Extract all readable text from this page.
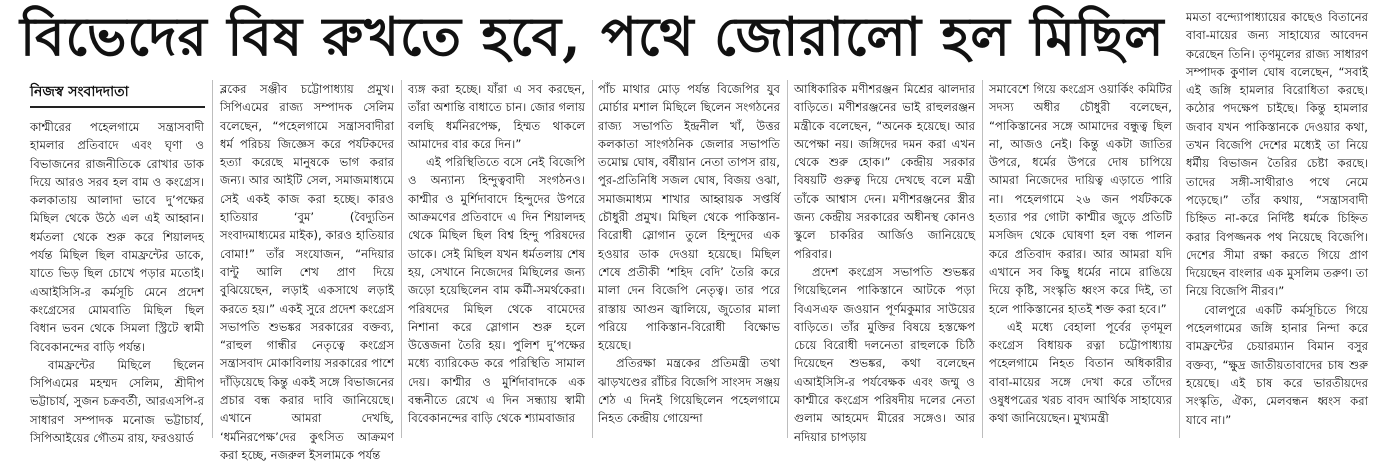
বিভেদের বিষ রুখতে হবে, পথে জোরালো হল মিছিল
নিজস্ব সংবাদদাতা

কাশ্মীরের পহেলগামে সন্ত্রাসবাদী হামলার প্রতিবাদে এবং ঘৃণা ও বিভাজনের রাজনীতিকে রোখার ডাক দিয়ে আরও সরব হল বাম ও কংগ্রেস। কলকাতায় আলাদা ভাবে দু’পক্ষের মিছিল থেকে উঠে এল এই আহ্বান। ধর্মতলা থেকে শুরু করে শিয়ালদহ পর্যন্ত মিছিল ছিল বামফ্রন্টের ডাকে, যাতে ভিড় ছিল চোখে পড়ার মতোই। এআইসিসি-র কর্মসূচি মেনে প্রদেশ কংগ্রেসের মোমবাতি মিছিল ছিল বিধান ভবন থেকে সিমলা স্ট্রিটে স্বামী বিবেকানন্দের বাড়ি পর্যন্ত।

বামফ্রন্টের মিছিলে ছিলেন সিপিএমের মহম্মদ সেলিম, শ্রীদীপ ভট্টাচার্য, সুজন চক্রবর্তী, আরএসপি-র সাধারণ সম্পাদক মনোজ ভট্টাচার্য, সিপিআইয়ের গৌতম রায়, ফরওয়ার্ড

ব্লকের সঞ্জীব চট্টোপাধ্যায় প্রমুখ। সিপিএমের রাজ্য সম্পাদক সেলিম বলেছেন, “পহেলগামে সন্ত্রাসবাদীরা ধর্ম পরিচয় জিজ্ঞেস করে পর্যটকদের হত্যা করেছে মানুষকে ভাগ করার জন্য। আর আইটি সেল, সমাজমাধ্যমে সেই একই কাজ করা হচ্ছে। কারও হাতিয়ার ‘বুম’ (বৈদ্যুতিন সংবাদমাধ্যমের মাইক), কারও হাতিয়ার বোমা!” তাঁর সংযোজন, “নদিয়ার বান্টু আলি শেখ প্রাণ দিয়ে বুঝিয়েছেন, লড়াই একসাথে লড়াই করতে হয়।” একই সুরে প্রদেশ কংগ্রেস সভাপতি শুভঙ্কর সরকারের বক্তব্য, “রাহুল গান্ধীর নেতৃত্বে কংগ্রেস সন্ত্রাসবাদ মোকাবিলায় সরকারের পাশে দাঁড়িয়েছে কিন্তু একই সঙ্গে বিভাজনের প্রচার বন্ধ করার দাবি জানিয়েছে। এখানে আমরা দেখছি, ‘ধর্মনিরপেক্ষ’দের কুৎসিত আক্রমণ করা হচ্ছে, নজরুল ইসলামকে পর্যন্ত

ব্যঙ্গ করা হচ্ছে। যাঁরা এ সব করছেন, তাঁরা অশান্তি বাধাতে চান। জোর গলায় বলছি ধর্মনিরপেক্ষ, হিম্মত থাকলে আমাদের বার করে দিন।”

এই পরিস্থিতিতে বসে নেই বিজেপি ও অন্যান্য হিন্দুত্ববাদী সংগঠনও। কাশ্মীর ও মুর্শিদাবাদে হিন্দুদের উপরে আক্রমণের প্রতিবাদে এ দিন শিয়ালদহ থেকে মিছিল ছিল বিশ্ব হিন্দু পরিষদের ডাকে। সেই মিছিল যখন ধর্মতলায় শেষ হয়, সেখানে নিজেদের মিছিলের জন্য জড়ো হয়েছিলেন বাম কর্মী-সমর্থকেরা। পরিষদের মিছিল থেকে বামেদের নিশানা করে স্লোগান শুরু হলে উত্তেজনা তৈরি হয়। পুলিশ দু’পক্ষের মধ্যে ব্যারিকেড করে পরিস্থিতি সামাল দেয়। কাশ্মীর ও মুর্শিদাবাদকে এক বন্ধনীতে রেখে এ দিন সন্ধ্যায় স্বামী বিবেকানন্দের বাড়ি থেকে শ্যামবাজার

পাঁচ মাথার মোড় পর্যন্ত বিজেপির যুব মোর্চার মশাল মিছিলে ছিলেন সংগঠনের রাজ্য সভাপতি ইন্দ্রনীল খাঁ, উত্তর কলকাতা সাংগঠনিক জেলার সভাপতি তমোঘ্ন ঘোষ, বর্ষীয়ান নেতা তাপস রায়, পুর-প্রতিনিধি সজল ঘোষ, বিজয় ওঝা, সমাজমাধ্যম শাখার আহ্বায়ক সপ্তর্ষি চৌধুরী প্রমুখ। মিছিল থেকে পাকিস্তান-বিরোধী স্লোগান তুলে হিন্দুদের এক হওয়ার ডাক দেওয়া হয়েছে। মিছিল শেষে প্রতীকী ‘শহিদ বেদি’ তৈরি করে মালা দেন বিজেপি নেতৃত্ব। তার পরে রাস্তায় আগুন জ্বালিয়ে, জুতোর মালা পরিয়ে পাকিস্তান-বিরোধী বিক্ষোভ হয়েছে।

প্রতিরক্ষা মন্ত্রকের প্রতিমন্ত্রী তথা ঝাড়খণ্ডের রাঁচির বিজেপি সাংসদ সঞ্জয় শেঠ এ দিনই গিয়েছিলেন পহেলগামে নিহত কেন্দ্রীয় গোয়েন্দা

আধিকারিক মণীশরঞ্জন মিশ্রের ঝালদার বাড়িতে। মণীশরঞ্জনের ভাই রাহুলরঞ্জন মন্ত্রীকে বলেছেন, “অনেক হয়েছে। আর অপেক্ষা নয়। জঙ্গিদের দমন করা এখন থেকে শুরু হোক।” কেন্দ্রীয় সরকার বিষয়টি গুরুত্ব দিয়ে দেখছে বলে মন্ত্রী তাঁকে আশ্বাস দেন। মণীশরঞ্জনের স্ত্রীর জন্য কেন্দ্রীয় সরকারের অধীনস্থ কোনও স্কুলে চাকরির আর্জিও জানিয়েছে পরিবার।

প্রদেশ কংগ্রেস সভাপতি শুভঙ্কর গিয়েছিলেন পাকিস্তানে আটকে পড়া বিএসএফ জওয়ান পূর্ণমকুমার সাউয়ের বাড়িতে। তাঁর মুক্তির বিষয়ে হস্তক্ষেপ চেয়ে বিরোধী দলনেতা রাহুলকে চিঠি দিয়েছেন শুভঙ্কর, কথা বলেছেন এআইসিসি-র পর্যবেক্ষক এবং জম্মু ও কাশ্মীরে কংগ্রেস পরিষদীয় দলের নেতা গুলাম আহমেদ মীরের সঙ্গেও। আর নদিয়ার চাপড়ায়

সমাবেশে গিয়ে কংগ্রেস ওয়ার্কিং কমিটির সদস্য অধীর চৌধুরী বলেছেন, “পাকিস্তানের সঙ্গে আমাদের বন্ধুত্ব ছিল না, আজও নেই। কিন্তু একটা জাতির উপরে, ধর্মের উপরে দোষ চাপিয়ে আমরা নিজেদের দায়িত্ব এড়াতে পারি না। পহেলগামে ২৬ জন পর্যটককে হত্যার পর গোটা কাশ্মীর জুড়ে প্রতিটি মসজিদ থেকে ঘোষণা হল বন্ধ পালন করে প্রতিবাদ করার। আর আমরা যদি এখানে সব কিছু ধর্মের নামে রাঙিয়ে দিয়ে কৃষ্টি, সংস্কৃতি ধ্বংস করে দিই, তা হলে পাকিস্তানের হাতই শক্ত করা হবে।”

এই মধ্যে বেহালা পূর্বের তৃণমূল কংগ্রেস বিধায়ক রত্না চট্টোপাধ্যায় পহেলগামে নিহত বিতান অধিকারীর বাবা-মায়ের সঙ্গে দেখা করে তাঁদের ওষুধপত্রের খরচ বাবদ আর্থিক সাহায্যের কথা জানিয়েছেন। মুখ্যমন্ত্রী

মমতা বন্দ্যোপাধ্যায়ের কাছেও বিতানের বাবা-মায়ের জন্য সাহায্যের আবেদন করেছেন তিনি। তৃণমূলের রাজ্য সাধারণ সম্পাদক কুণাল ঘোষ বলেছেন, “সবাই এই জঙ্গি হামলার বিরোধিতা করছে। কঠোর পদক্ষেপ চাইছে। কিন্তু হামলার জবাব যখন পাকিস্তানকে দেওয়ার কথা, তখন বিজেপি দেশের মধ্যেই তা নিয়ে ধর্মীয় বিভাজন তৈরির চেষ্টা করছে। তাদের সঙ্গী-সাথীরাও পথে নেমে পড়েছে।” তাঁর কথায়, “সন্ত্রাসবাদী চিহ্নিত না-করে নির্দিষ্ট ধর্মকে চিহ্নিত করার বিপজ্জনক পথ নিয়েছে বিজেপি। দেশের সীমা রক্ষা করতে গিয়ে প্রাণ দিয়েছেন বাংলার এক মুসলিম তরুণ। তা নিয়ে বিজেপি নীরব।”

বোলপুরে একটি কর্মসূচিতে গিয়ে পহেলগামের জঙ্গি হানার নিন্দা করে বামফ্রন্টের চেয়ারম্যান বিমান বসুর বক্তব্য, “ক্ষুদ্র জাতীয়তাবাদের চাষ শুরু হয়েছে। এই চাষ করে ভারতীয়দের সংস্কৃতি, ঐক্য, মেলবন্ধন ধ্বংস করা যাবে না।”
